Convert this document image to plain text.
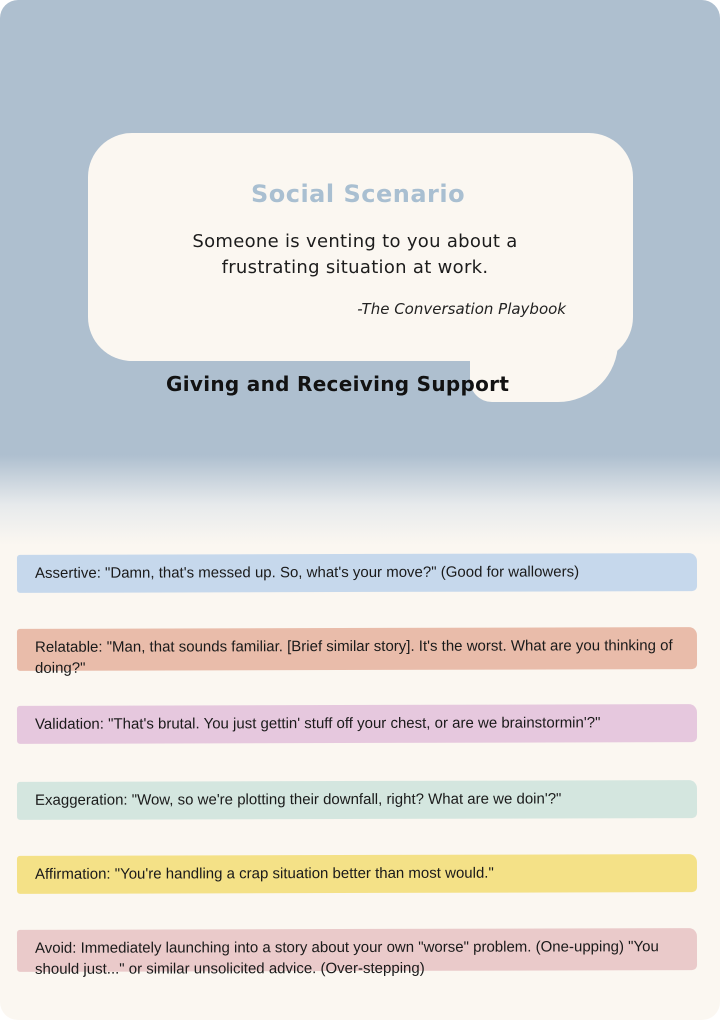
Social Scenario
Someone is venting to you about a frustrating situation at work.
-The Conversation Playbook
Giving and Receiving Support
Assertive: "Damn, that's messed up. So, what's your move?" (Good for wallowers)
Relatable: "Man, that sounds familiar. [Brief similar story]. It's the worst. What are you thinking of doing?"
Validation: "That's brutal. You just gettin' stuff off your chest, or are we brainstormin'?"
Exaggeration: "Wow, so we're plotting their downfall, right? What are we doin'?"
Affirmation: "You're handling a crap situation better than most would."
Avoid: Immediately launching into a story about your own "worse" problem. (One-upping) "You should just..." or similar unsolicited advice. (Over-stepping)
